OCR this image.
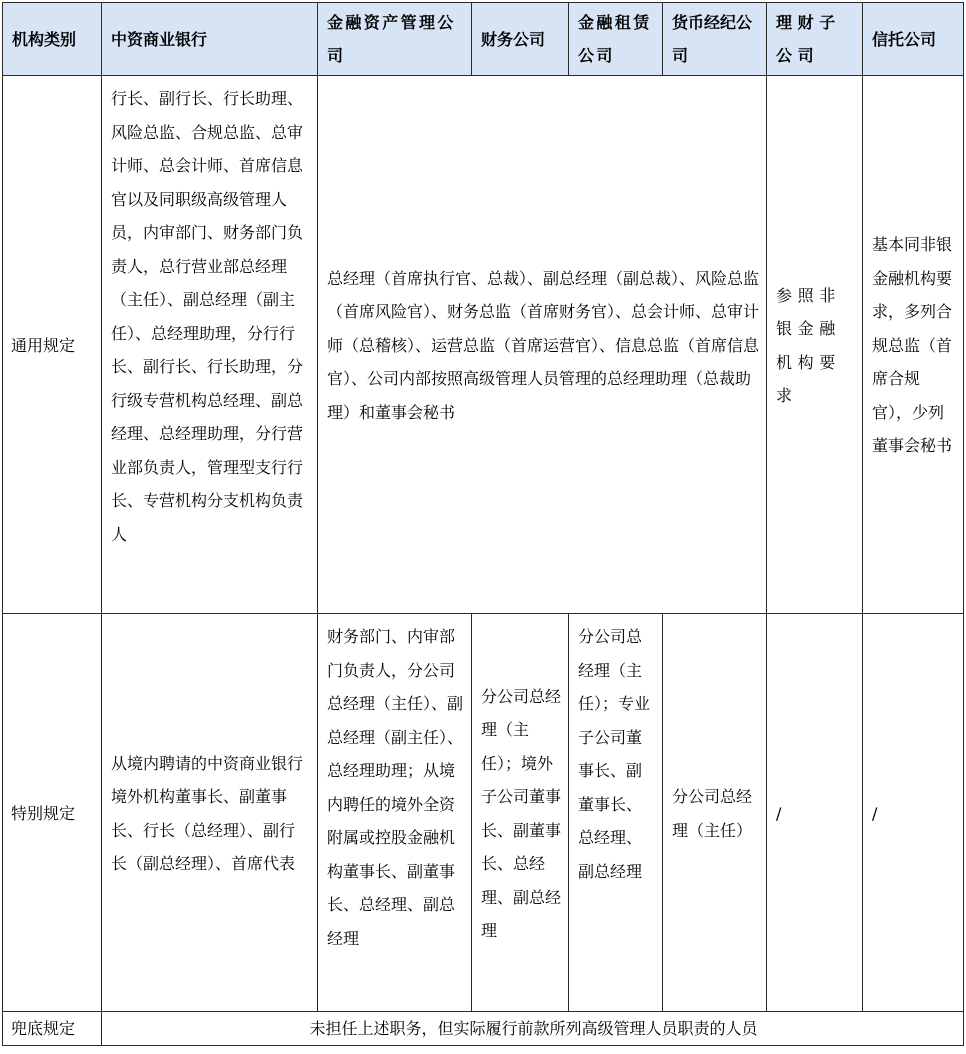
机构类别	中资商业银行	金融资产管理公司	财务公司	金融租赁公司	货币经纪公司	理财子公司	信托公司
通用规定	行长、副行长、行长助理、风险总监、合规总监、总审计师、总会计师、首席信息官以及同职级高级管理人员，内审部门、财务部门负责人，总行营业部总经理（主任）、副总经理（副主任）、总经理助理，分行行长、副行长、行长助理，分行级专营机构总经理、副总经理、总经理助理，分行营业部负责人，管理型支行行长、专营机构分支机构负责人	总经理（首席执行官、总裁）、副总经理（副总裁）、风险总监（首席风险官）、财务总监（首席财务官）、总会计师、总审计师（总稽核）、运营总监（首席运营官）、信息总监（首席信息官）、公司内部按照高级管理人员管理的总经理助理（总裁助理）和董事会秘书				参照非银金融机构要求	基本同非银金融机构要求，多列合规总监（首席合规官），少列董事会秘书
特别规定	从境内聘请的中资商业银行境外机构董事长、副董事长、行长（总经理）、副行长（副总经理）、首席代表	财务部门、内审部门负责人，分公司总经理（主任）、副总经理（副主任）、总经理助理；从境内聘任的境外全资附属或控股金融机构董事长、副董事长、总经理、副总经理	分公司总经理（主任）；境外子公司董事长、副董事长、总经理、副总经理	分公司总经理（主任）；专业子公司董事长、副董事长、总经理、副总经理	分公司总经理（主任）	/	/
兜底规定	未担任上述职务，但实际履行前款所列高级管理人员职责的人员						
